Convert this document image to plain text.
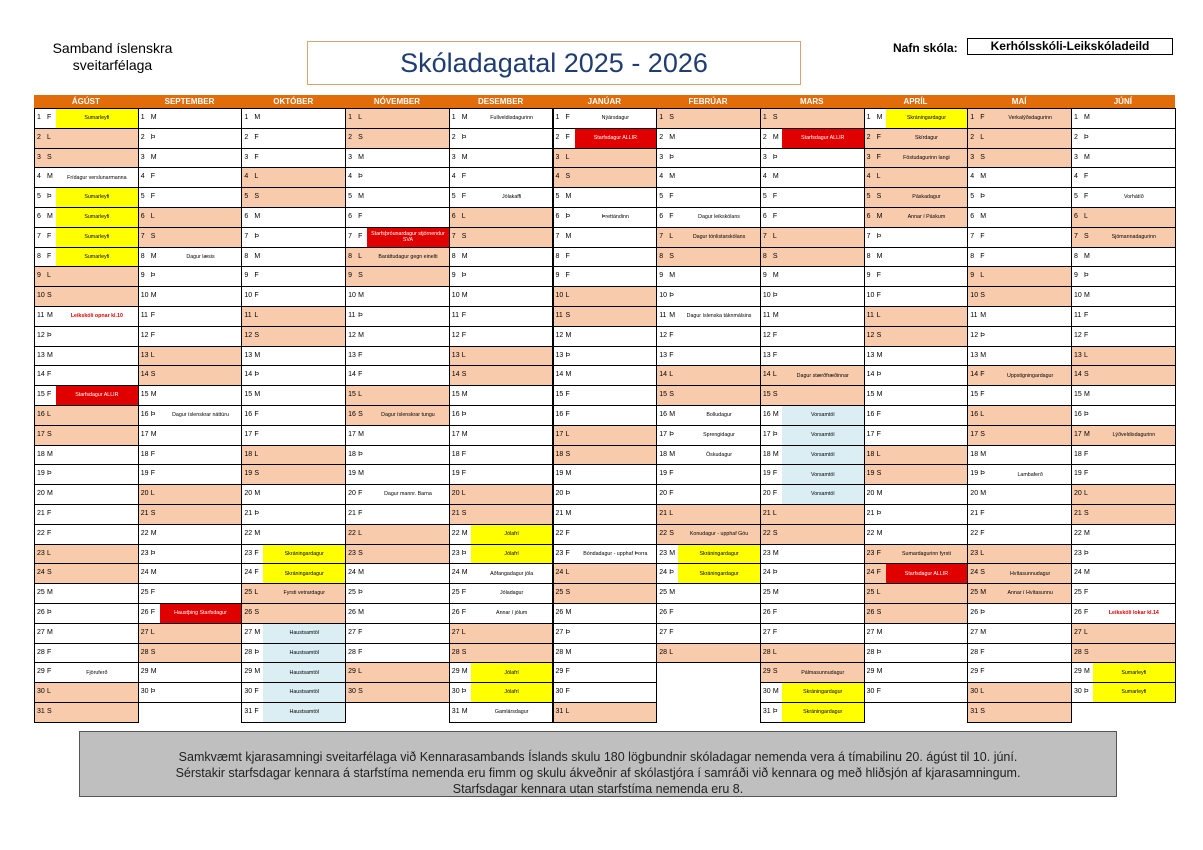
Samband íslenskra
sveitarfélaga	Skóladagatal 2025 - 2026	Nafn skóla:	Kerhólsskóli-Leikskóladeild
ÁGÚST
1 F	Sumarleyfi
2 L
3 S
4 M	Frídagur verslunarmanna
5 Þ	Sumarleyfi
6 M	Sumarleyfi
7 F	Sumarleyfi
8 F	Sumarleyfi
9 L
10 S
11 M	Leikskóli opnar kl.10
12 Þ
13 M
14 F
15 F	Starfsdagur ALLIR
16 L
17 S
18 M
19 Þ
20 M
21 F
22 F
23 L
24 S
25 M
26 Þ
27 M
28 F
29 F	Fjöruferð
30 L
31 S
SEPTEMBER
1 M
2 Þ
3 M
4 F
5 F
6 L
7 S
8 M	Dagur læsis
9 Þ
10 M
11 F
12 F
13 L
14 S
15 M
16 Þ	Dagur íslenskrar náttúru
17 M
18 F
19 F
20 L
21 S
22 M
23 Þ
24 M
25 F
26 F	Haustþing Starfsdagur
27 L
28 S
29 M
30 Þ
OKTÓBER
1 M
2 F
3 F
4 L
5 S
6 M
7 Þ
8 M
9 F
10 F
11 L
12 S
13 M
14 Þ
15 M
16 F
17 F
18 L
19 S
20 M
21 Þ
22 M
23 F	Skráningardagur
24 F	Skráningardagur
25 L	Fyrsti vetrardagur
26 S
27 M	Haustsamtöl
28 Þ	Haustsamtöl
29 M	Haustsamtöl
30 F	Haustsamtöl
31 F	Haustsamtöl
NÓVEMBER
1 L
2 S
3 M
4 Þ
5 M
6 F
7 F	Starfsþróunardagur stjórnendur SVA
8 L	Baráttudagur gegn einelti
9 S
10 M
11 Þ
12 M
13 F
14 F
15 L
16 S	Dagur íslenskrar tungu
17 M
18 Þ
19 M
20 F	Dagur mannr. Barna
21 F
22 L
23 S
24 M
25 Þ
26 M
27 F
28 F
29 L
30 S
DESEMBER
1 M	Fullveldisdagurinn
2 Þ
3 M
4 F
5 F	Jólakaffi
6 L
7 S
8 M
9 Þ
10 M
11 F
12 F
13 L
14 S
15 M
16 Þ
17 M
18 F
19 F
20 L
21 S
22 M	Jólafrí
23 Þ	Jólafrí
24 M	Aðfangadagur jóla
25 F	Jóladagur
26 F	Annar í jólum
27 L
28 S
29 M	Jólafrí
30 Þ	Jólafrí
31 M	Gamlársdagur
JANÚAR
1 F	Nýársdagur
2 F	Starfsdagur ALLIR
3 L
4 S
5 M
6 Þ	Þrettándinn
7 M
8 F
9 F
10 L
11 S
12 M
13 Þ
14 M
15 F
16 F
17 L
18 S
19 M
20 Þ
21 M
22 F
23 F	Bóndadagur - upphaf Þorra
24 L
25 S
26 M
27 Þ
28 M
29 F
30 F
31 L
FEBRÚAR
1 S
2 M
3 Þ
4 M
5 F
6 F	Dagur leikskólans
7 L	Dagur tónlistarskólans
8 S
9 M
10 Þ
11 M	Dagur íslenska táknmálsins
12 F
13 F
14 L
15 S
16 M	Bolludagur
17 Þ	Sprengidagur
18 M	Öskudagur
19 F
20 F
21 L
22 S	Konudagur - upphaf Góu
23 M	Skráningardagur
24 Þ	Skráningardagur
25 M
26 F
27 F
28 L
MARS
1 S
2 M	Starfsdagur ALLIR
3 Þ
4 M
5 F
6 F
7 L
8 S
9 M
10 Þ
11 M
12 F
13 F
14 L	Dagur stærðfræðinnar
15 S
16 M	Vorsamtöl
17 Þ	Vorsamtöl
18 M	Vorsamtöl
19 F	Vorsamtöl
20 F	Vorsamtöl
21 L
22 S
23 M
24 Þ
25 M
26 F
27 F
28 L
29 S	Pálmasunnudagur
30 M	Skráningardagur
31 Þ	Skráningardagur
APRÍL
1 M	Skráningardagur
2 F	Skírdagur
3 F	Föstudagurinn langi
4 L
5 S	Páskadagur
6 M	Annar í Páskum
7 Þ
8 M
9 F
10 F
11 L
12 S
13 M
14 Þ
15 M
16 F
17 F
18 L
19 S
20 M
21 Þ
22 M
23 F	Sumardagurinn fyrsti
24 F	Starfsdagur ALLIR
25 L
26 S
27 M
28 Þ
29 M
30 F
MAÍ
1 F	Verkalýðsdagurinn
2 L
3 S
4 M
5 Þ
6 M
7 F
8 F
9 L
10 S
11 M
12 Þ
13 M
14 F	Uppstigningardagur
15 F
16 L
17 S
18 M
19 Þ	Lambaferð
20 M
21 F
22 F
23 L
24 S	Hvítasunnudagur
25 M	Annar í Hvítasunnu
26 Þ
27 M
28 F
29 F
30 L
31 S
JÚNÍ
1 M
2 Þ
3 M
4 F
5 F	Vorhátíð
6 L
7 S	Sjómannadagurinn
8 M
9 Þ
10 M
11 F
12 F
13 L
14 S
15 M
16 Þ
17 M	Lýðveldisdagurinn
18 F
19 F
20 L
21 S
22 M
23 Þ
24 M
25 F
26 F	Leikskóli lokar kl.14
27 L
28 S
29 M	Sumarleyfi
30 Þ	Sumarleyfi
Samkvæmt kjarasamningi sveitarfélaga við Kennarasambands Íslands skulu 180 lögbundnir skóladagar nemenda vera á tímabilinu 20. ágúst til 10. júní.
Sérstakir starfsdagar kennara á starfstíma nemenda eru fimm og skulu ákveðnir af skólastjóra í samráði við kennara og með hliðsjón af kjarasamningum.
Starfsdagar kennara utan starfstíma nemenda eru 8.
